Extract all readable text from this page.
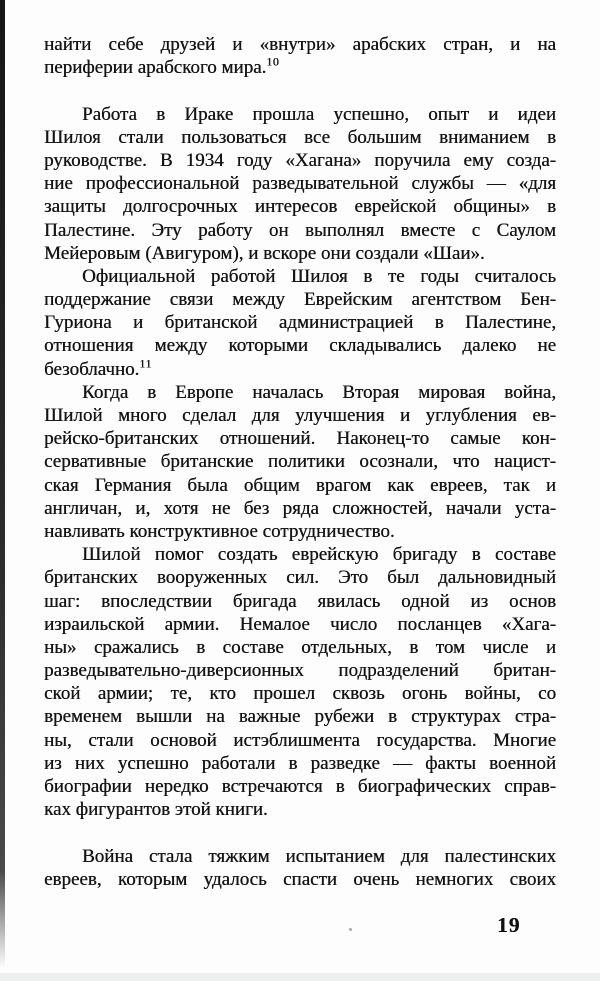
найти себе друзей и «внутри» арабских стран, и на
периферии арабского мира.$^{10}$
Работа в Ираке прошла успешно, опыт и идеи
Шилоя стали пользоваться все большим вниманием в
руководстве. В 1934 году «Хагана» поручила ему созда-
ние профессиональной разведывательной службы — «для
защиты долгосрочных интересов еврейской общины» в
Палестине. Эту работу он выполнял вместе с Саулом
Мейеровым (Авигуром), и вскоре они создали «Шаи».
Официальной работой Шилоя в те годы считалось
поддержание связи между Еврейским агентством Бен-
Гуриона и британской администрацией в Палестине,
отношения между которыми складывались далеко не
безоблачно.$^{11}$
Когда в Европе началась Вторая мировая война,
Шилой много сделал для улучшения и углубления ев-
рейско-британских отношений. Наконец-то самые кон-
сервативные британские политики осознали, что нацист-
ская Германия была общим врагом как евреев, так и
англичан, и, хотя не без ряда сложностей, начали уста-
навливать конструктивное сотрудничество.
Шилой помог создать еврейскую бригаду в составе
британских вооруженных сил. Это был дальновидный
шаг: впоследствии бригада явилась одной из основ
израильской армии. Немалое число посланцев «Хага-
ны» сражались в составе отдельных, в том числе и
разведывательно-диверсионных подразделений британ-
ской армии; те, кто прошел сквозь огонь войны, со
временем вышли на важные рубежи в структурах стра-
ны, стали основой истэблишмента государства. Многие
из них успешно работали в разведке — факты военной
биографии нередко встречаются в биографических справ-
ках фигурантов этой книги.
Война стала тяжким испытанием для палестинских
евреев, которым удалось спасти очень немногих своих
19
